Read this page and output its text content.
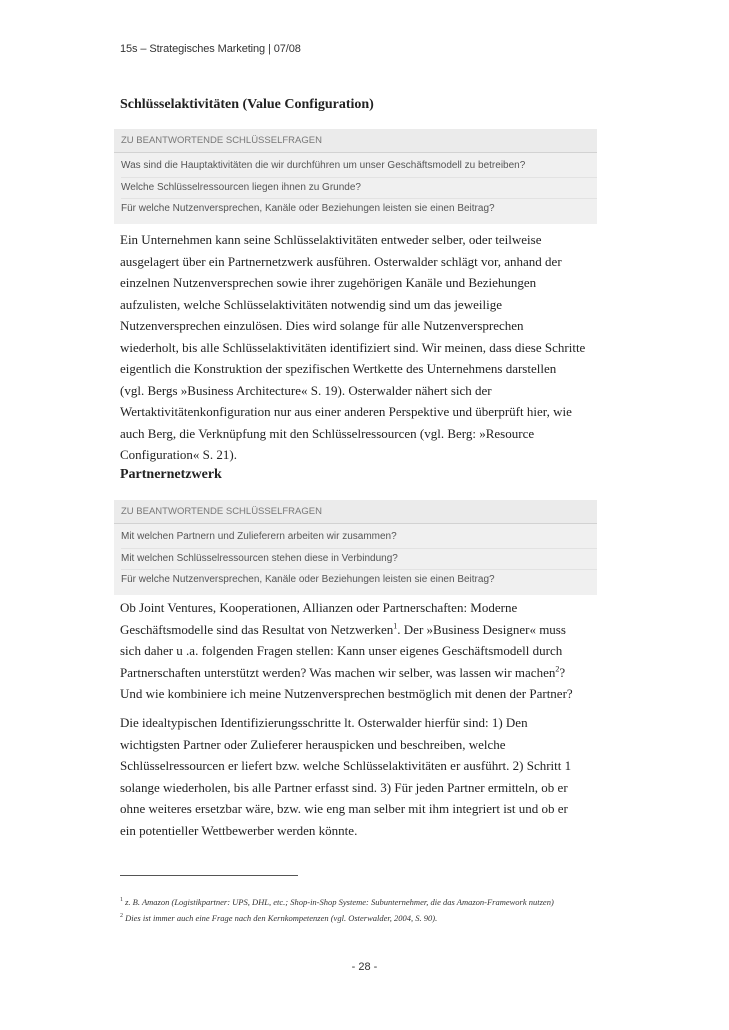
15s – Strategisches Marketing | 07/08
Schlüsselaktivitäten (Value Configuration)
ZU BEANTWORTENDE SCHLÜSSELFRAGEN
Was sind die Hauptaktivitäten die wir durchführen um unser Geschäftsmodell zu betreiben?
Welche Schlüsselressourcen liegen ihnen zu Grunde?
Für welche Nutzenversprechen, Kanäle oder Beziehungen leisten sie einen Beitrag?
Ein Unternehmen kann seine Schlüsselaktivitäten entweder selber, oder teilweise
ausgelagert über ein Partnernetzwerk ausführen. Osterwalder schlägt vor, anhand der
einzelnen Nutzenversprechen sowie ihrer zugehörigen Kanäle und Beziehungen
aufzulisten, welche Schlüsselaktivitäten notwendig sind um das jeweilige
Nutzenversprechen einzulösen. Dies wird solange für alle Nutzenversprechen
wiederholt, bis alle Schlüsselaktivitäten identifiziert sind. Wir meinen, dass diese Schritte
eigentlich die Konstruktion der spezifischen Wertkette des Unternehmens darstellen
(vgl. Bergs »Business Architecture« S. 19). Osterwalder nähert sich der
Wertaktivitätenkonfiguration nur aus einer anderen Perspektive und überprüft hier, wie
auch Berg, die Verknüpfung mit den Schlüsselressourcen (vgl. Berg: »Resource
Configuration« S. 21).
Partnernetzwerk
ZU BEANTWORTENDE SCHLÜSSELFRAGEN
Mit welchen Partnern und Zulieferern arbeiten wir zusammen?
Mit welchen Schlüsselressourcen stehen diese in Verbindung?
Für welche Nutzenversprechen, Kanäle oder Beziehungen leisten sie einen Beitrag?
Ob Joint Ventures, Kooperationen, Allianzen oder Partnerschaften: Moderne
Geschäftsmodelle sind das Resultat von Netzwerken$^1$. Der »Business Designer« muss
sich daher u .a. folgenden Fragen stellen: Kann unser eigenes Geschäftsmodell durch
Partnerschaften unterstützt werden? Was machen wir selber, was lassen wir machen$^2$?
Und wie kombiniere ich meine Nutzenversprechen bestmöglich mit denen der Partner?
Die idealtypischen Identifizierungsschritte lt. Osterwalder hierfür sind: 1) Den
wichtigsten Partner oder Zulieferer herauspicken und beschreiben, welche
Schlüsselressourcen er liefert bzw. welche Schlüsselaktivitäten er ausführt. 2) Schritt 1
solange wiederholen, bis alle Partner erfasst sind. 3) Für jeden Partner ermitteln, ob er
ohne weiteres ersetzbar wäre, bzw. wie eng man selber mit ihm integriert ist und ob er
ein potentieller Wettbewerber werden könnte.
$^1$ z. B. Amazon (Logistikpartner: UPS, DHL, etc.; Shop-in-Shop Systeme: Subunternehmer, die das Amazon-Framework nutzen)
$^2$ Dies ist immer auch eine Frage nach den Kernkompetenzen (vgl. Osterwalder, 2004, S. 90).
- 28 -
